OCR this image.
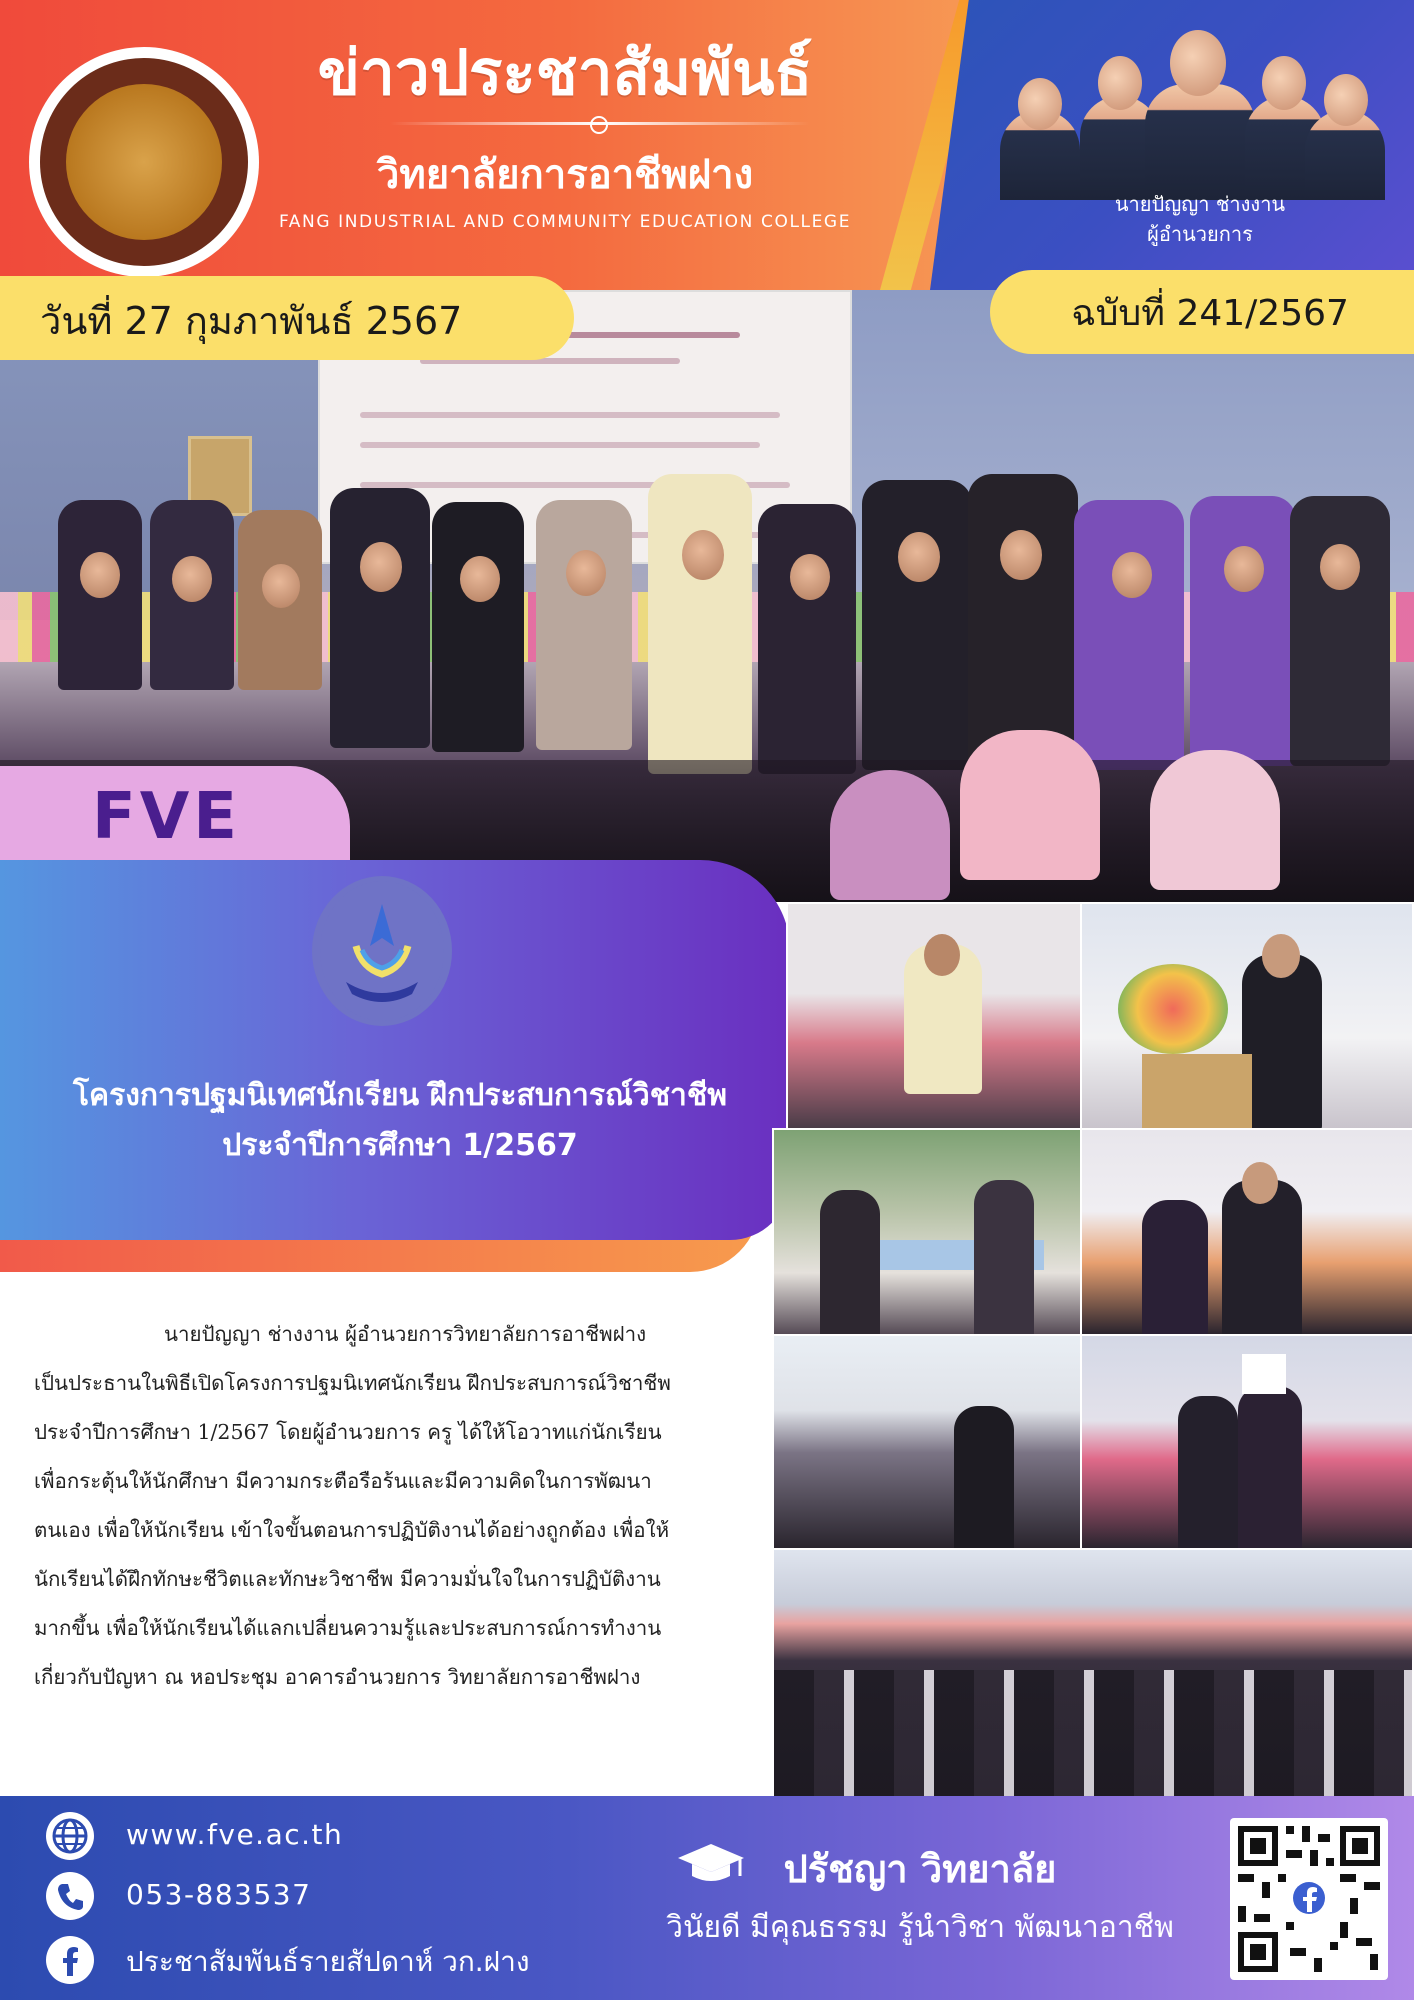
ข่าวประชาสัมพันธ์
วิทยาลัยการอาชีพฝาง
FANG INDUSTRIAL AND COMMUNITY EDUCATION COLLEGE
นายปัญญา ช่างงาน
ผู้อำนวยการ
วันที่ 27 กุมภาพันธ์ 2567	ฉบับที่ 241/2567
FVE
โครงการปฐมนิเทศนักเรียน ฝึกประสบการณ์วิชาชีพ
ประจำปีการศึกษา 1/2567

นายปัญญา ช่างงาน ผู้อำนวยการวิทยาลัยการอาชีพฝาง

เป็นประธานในพิธีเปิดโครงการปฐมนิเทศนักเรียน ฝึกประสบการณ์วิชาชีพ

ประจำปีการศึกษา 1/2567 โดยผู้อำนวยการ ครู ได้ให้โอวาทแก่นักเรียน

เพื่อกระตุ้นให้นักศึกษา มีความกระตือรือร้นและมีความคิดในการพัฒนา

ตนเอง เพื่อให้นักเรียน เข้าใจขั้นตอนการปฏิบัติงานได้อย่างถูกต้อง เพื่อให้

นักเรียนได้ฝึกทักษะชีวิตและทักษะวิชาชีพ มีความมั่นใจในการปฏิบัติงาน

มากขึ้น เพื่อให้นักเรียนได้แลกเปลี่ยนความรู้และประสบการณ์การทำงาน

เกี่ยวกับปัญหา ณ หอประชุม อาคารอำนวยการ วิทยาลัยการอาชีพฝาง

www.fve.ac.th
053-883537
ประชาสัมพันธ์รายสัปดาห์ วก.ฝาง
ปรัชญา วิทยาลัย
วินัยดี มีคุณธรรม รู้นำวิชา พัฒนาอาชีพ
